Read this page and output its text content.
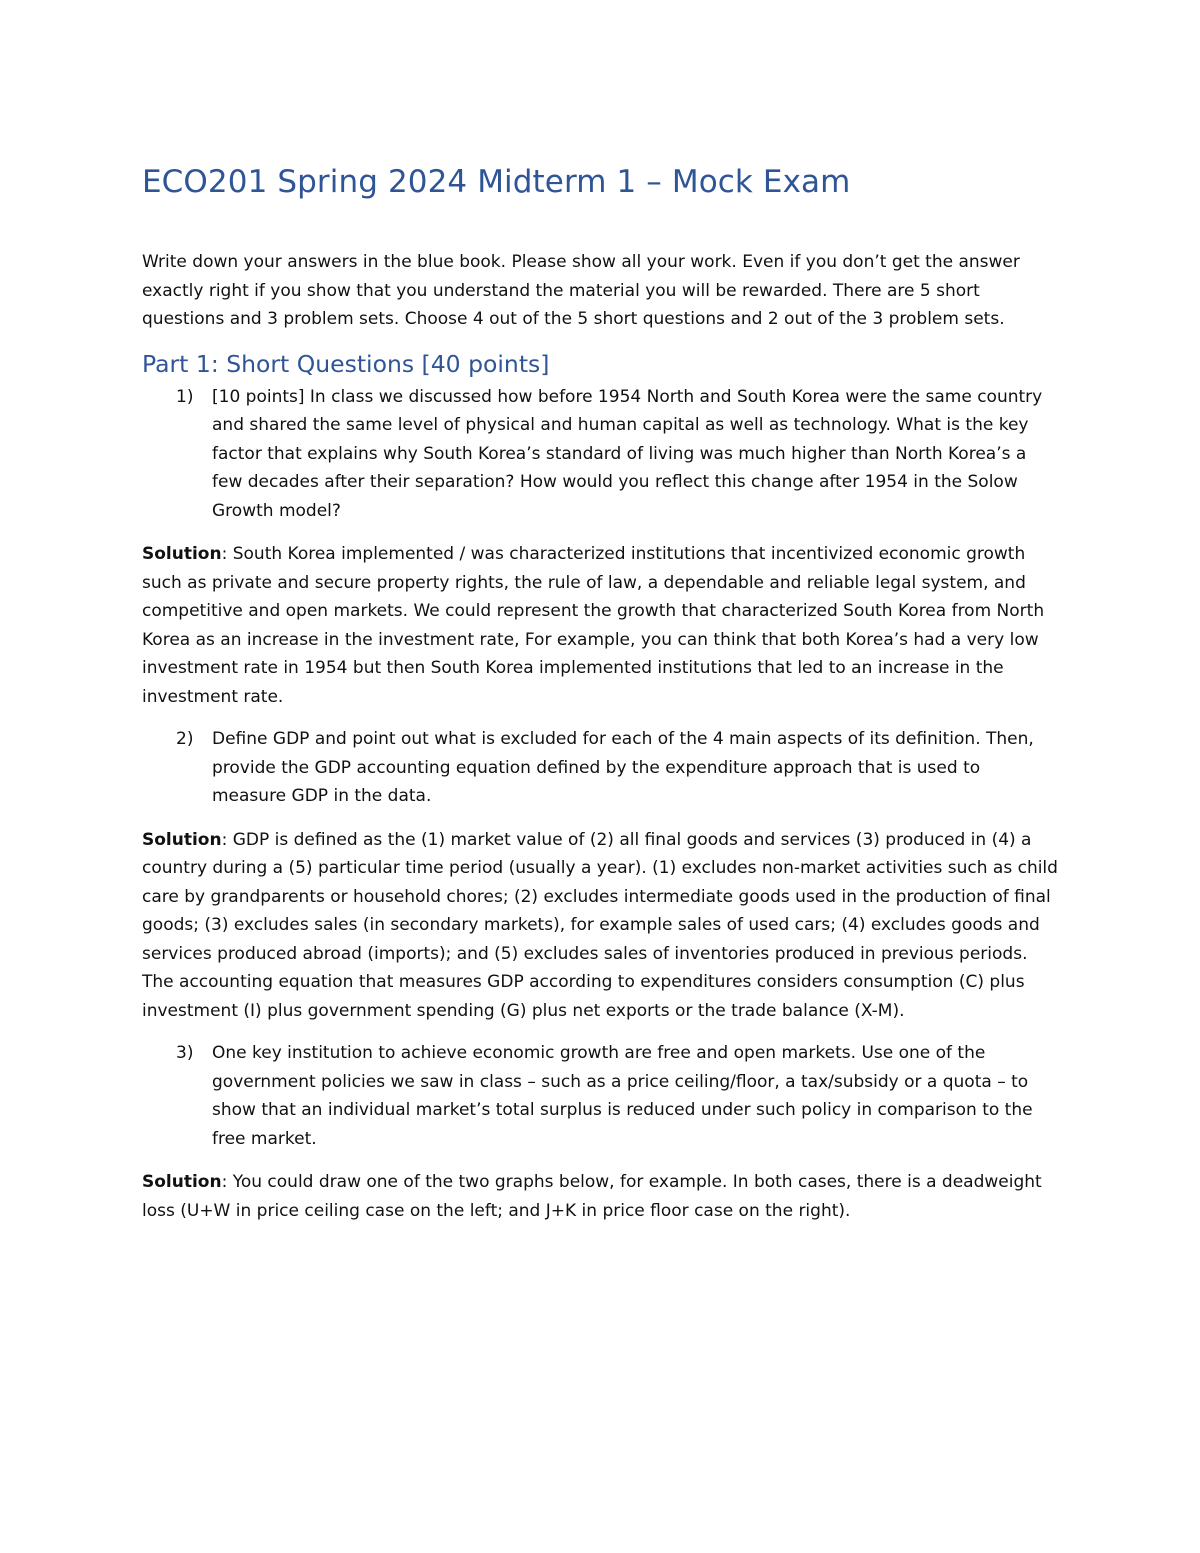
ECO201 Spring 2024 Midterm 1 – Mock Exam
Write down your answers in the blue book. Please show all your work. Even if you don’t get the answer exactly right if you show that you understand the material you will be rewarded. There are 5 short questions and 3 problem sets. Choose 4 out of the 5 short questions and 2 out of the 3 problem sets.
Part 1: Short Questions [40 points]
1)	[10 points] In class we discussed how before 1954 North and South Korea were the same country and shared the same level of physical and human capital as well as technology. What is the key factor that explains why South Korea’s standard of living was much higher than North Korea’s a few decades after their separation? How would you reflect this change after 1954 in the Solow Growth model?
Solution: South Korea implemented / was characterized institutions that incentivized economic growth such as private and secure property rights, the rule of law, a dependable and reliable legal system, and competitive and open markets. We could represent the growth that characterized South Korea from North Korea as an increase in the investment rate, For example, you can think that both Korea’s had a very low investment rate in 1954 but then South Korea implemented institutions that led to an increase in the investment rate.
2)	Define GDP and point out what is excluded for each of the 4 main aspects of its definition. Then, provide the GDP accounting equation defined by the expenditure approach that is used to measure GDP in the data.
Solution: GDP is defined as the (1) market value of (2) all final goods and services (3) produced in (4) a country during a (5) particular time period (usually a year). (1) excludes non-market activities such as child care by grandparents or household chores; (2) excludes intermediate goods used in the production of final goods; (3) excludes sales (in secondary markets), for example sales of used cars; (4) excludes goods and services produced abroad (imports); and (5) excludes sales of inventories produced in previous periods. The accounting equation that measures GDP according to expenditures considers consumption (C) plus investment (I) plus government spending (G) plus net exports or the trade balance (X-M).
3)	One key institution to achieve economic growth are free and open markets. Use one of the government policies we saw in class – such as a price ceiling/floor, a tax/subsidy or a quota – to show that an individual market’s total surplus is reduced under such policy in comparison to the free market.
Solution: You could draw one of the two graphs below, for example. In both cases, there is a deadweight loss (U+W in price ceiling case on the left; and J+K in price floor case on the right).
